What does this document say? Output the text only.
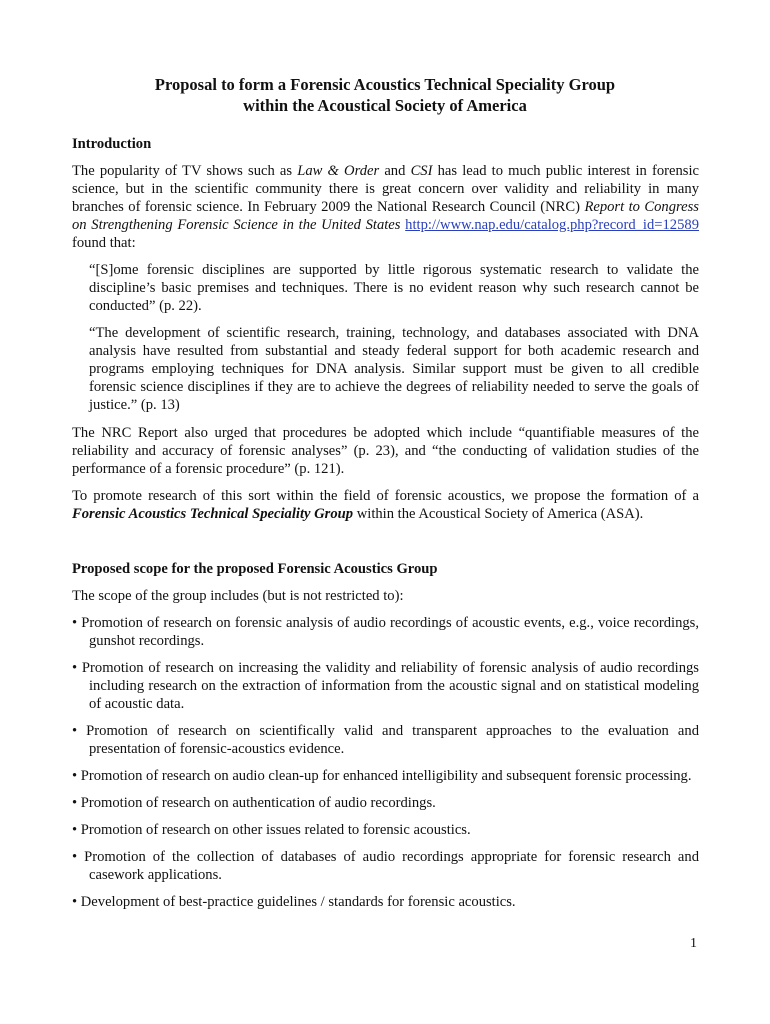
Proposal to form a Forensic Acoustics Technical Speciality Group
within the Acoustical Society of America
Introduction
The popularity of TV shows such as Law & Order and CSI has lead to much public interest in forensic science, but in the scientific community there is great concern over validity and reliability in many branches of forensic science. In February 2009 the National Research Council (NRC) Report to Congress on Strengthening Forensic Science in the United States http://www.nap.edu/catalog.php?record_id=12589 found that:
“[S]ome forensic disciplines are supported by little rigorous systematic research to validate the discipline’s basic premises and techniques. There is no evident reason why such research cannot be conducted” (p. 22).
“The development of scientific research, training, technology, and databases associated with DNA analysis have resulted from substantial and steady federal support for both academic research and programs employing techniques for DNA analysis. Similar support must be given to all credible forensic science disciplines if they are to achieve the degrees of reliability needed to serve the goals of justice.” (p. 13)
The NRC Report also urged that procedures be adopted which include “quantifiable measures of the reliability and accuracy of forensic analyses” (p. 23), and “the conducting of validation studies of the performance of a forensic procedure” (p. 121).
To promote research of this sort within the field of forensic acoustics, we propose the formation of a Forensic Acoustics Technical Speciality Group within the Acoustical Society of America (ASA).
Proposed scope for the proposed Forensic Acoustics Group
The scope of the group includes (but is not restricted to):
• Promotion of research on forensic analysis of audio recordings of acoustic events, e.g., voice recordings, gunshot recordings.
• Promotion of research on increasing the validity and reliability of forensic analysis of audio recordings including research on the extraction of information from the acoustic signal and on statistical modeling of acoustic data.
• Promotion of research on scientifically valid and transparent approaches to the evaluation and presentation of forensic-acoustics evidence.
• Promotion of research on audio clean-up for enhanced intelligibility and subsequent forensic processing.
• Promotion of research on authentication of audio recordings.
• Promotion of research on other issues related to forensic acoustics.
• Promotion of the collection of databases of audio recordings appropriate for forensic research and casework applications.
• Development of best-practice guidelines / standards for forensic acoustics.
1
